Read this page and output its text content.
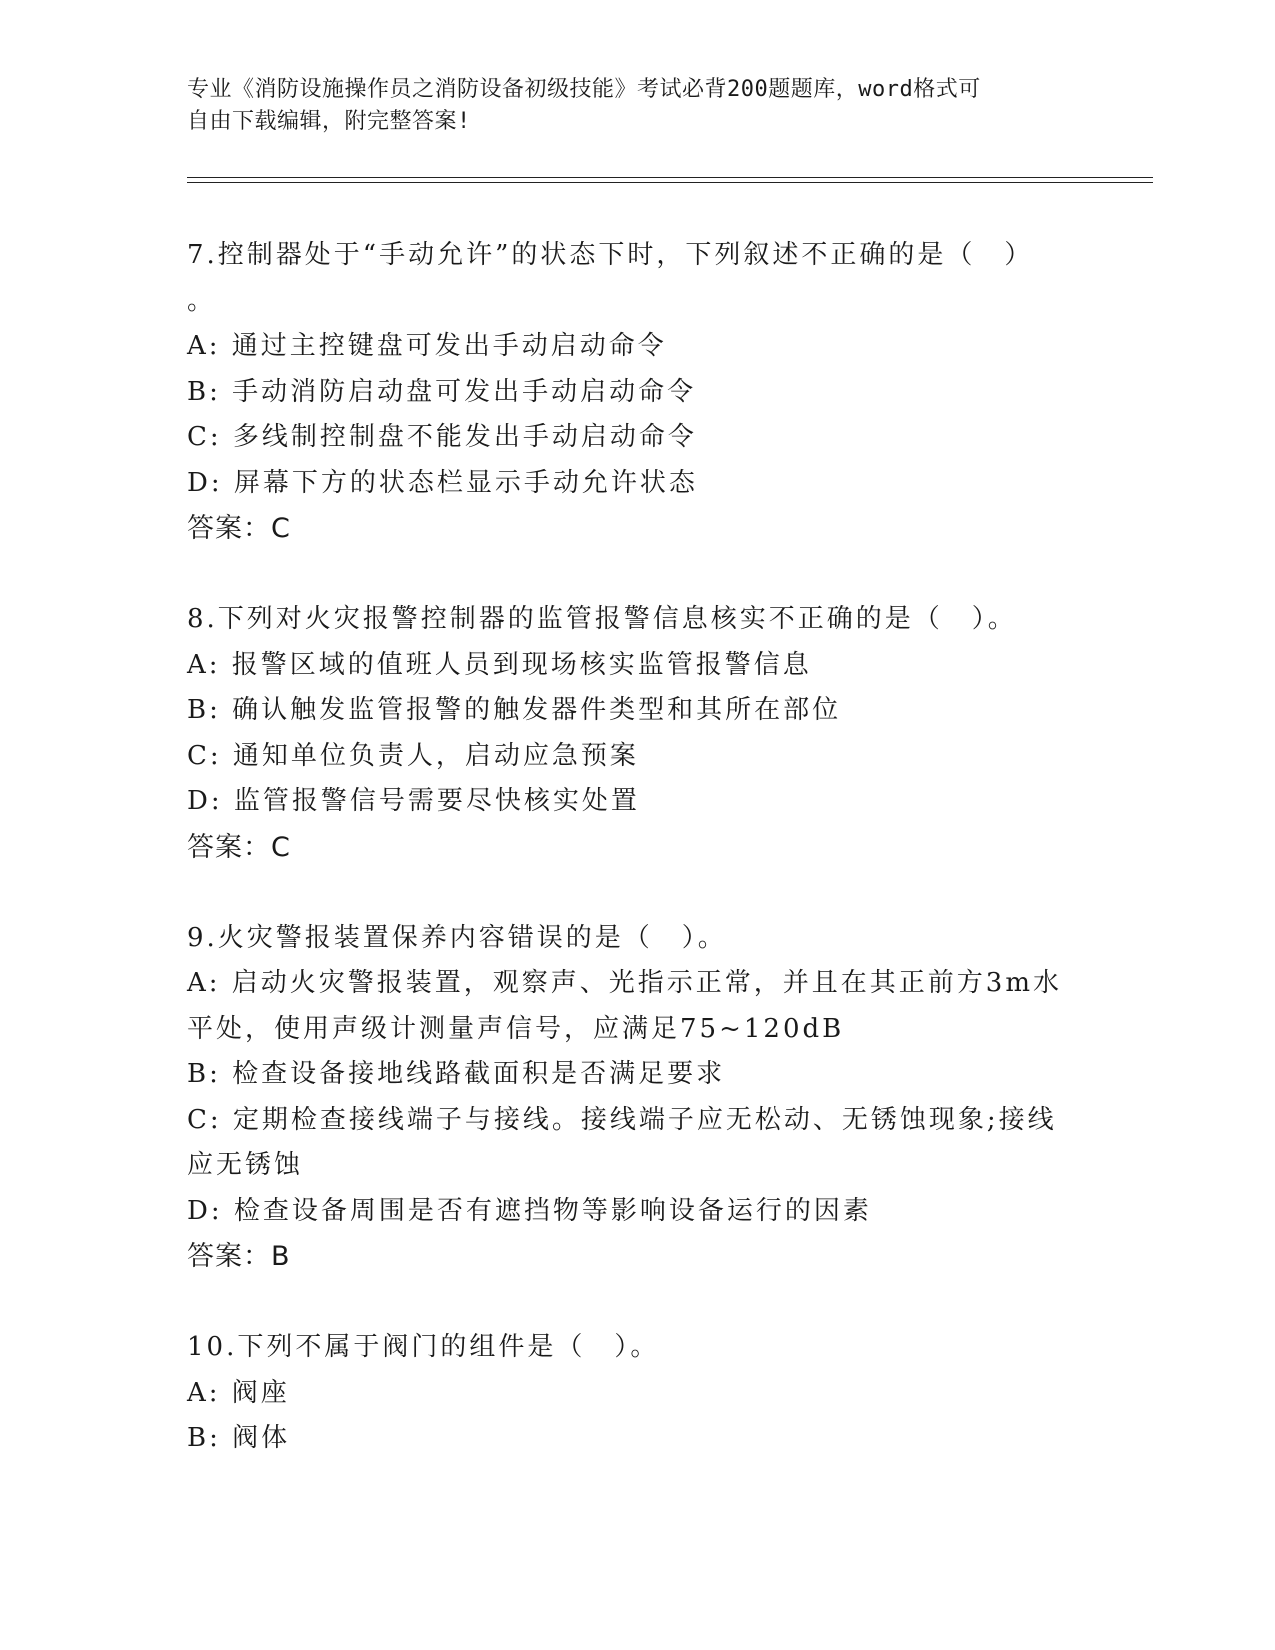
专业《消防设施操作员之消防设备初级技能》考试必背200题题库，word格式可
自由下载编辑，附完整答案!
7.控制器处于“手动允许”的状态下时，下列叙述不正确的是（　）
。
A: 通过主控键盘可发出手动启动命令
B: 手动消防启动盘可发出手动启动命令
C: 多线制控制盘不能发出手动启动命令
D: 屏幕下方的状态栏显示手动允许状态
答案：C
8.下列对火灾报警控制器的监管报警信息核实不正确的是（　）。
A: 报警区域的值班人员到现场核实监管报警信息
B: 确认触发监管报警的触发器件类型和其所在部位
C: 通知单位负责人，启动应急预案
D: 监管报警信号需要尽快核实处置
答案：C
9.火灾警报装置保养内容错误的是（　）。
A: 启动火灾警报装置，观察声、光指示正常，并且在其正前方3m水
平处，使用声级计测量声信号，应满足75~120dB
B: 检查设备接地线路截面积是否满足要求
C: 定期检查接线端子与接线。接线端子应无松动、无锈蚀现象;接线
应无锈蚀
D: 检查设备周围是否有遮挡物等影响设备运行的因素
答案：B
10.下列不属于阀门的组件是（　）。
A: 阀座
B: 阀体
